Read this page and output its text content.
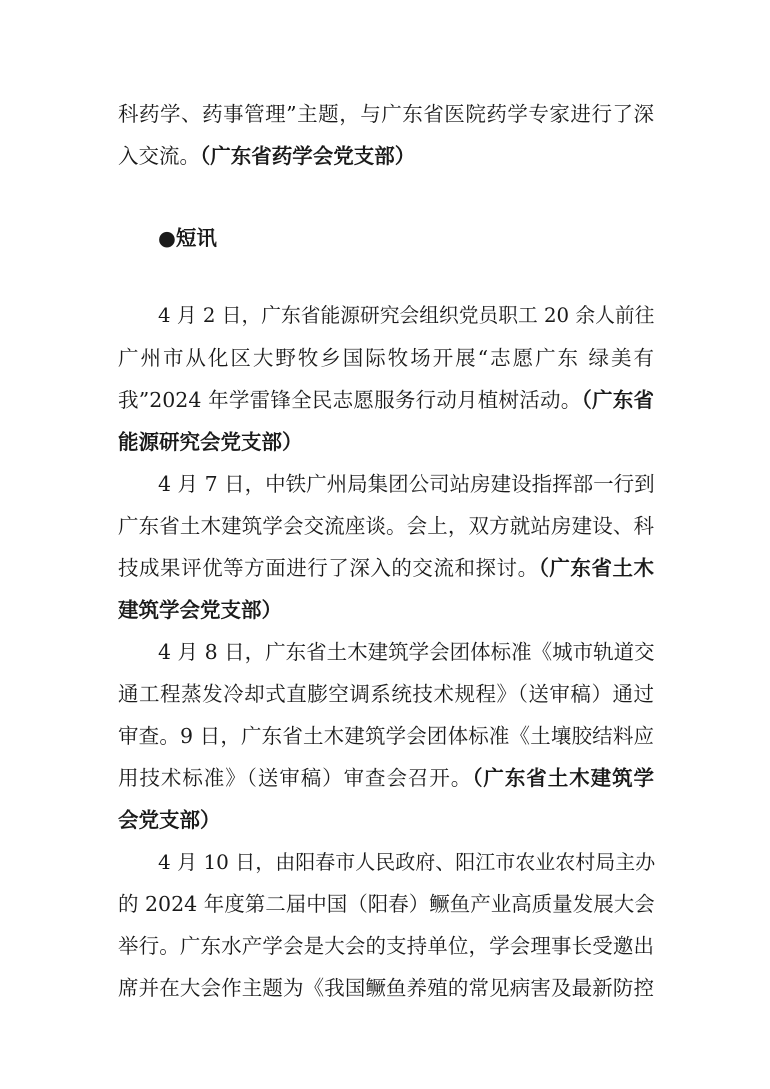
科药学、药事管理”主题，与广东省医院药学专家进行了深
入交流。（广东省药学会党支部）
●短讯
4 月 2 日，广东省能源研究会组织党员职工 20 余人前往
广州市从化区大野牧乡国际牧场开展“志愿广东 绿美有
我”2024 年学雷锋全民志愿服务行动月植树活动。（广东省
能源研究会党支部）
4 月 7 日，中铁广州局集团公司站房建设指挥部一行到
广东省土木建筑学会交流座谈。会上，双方就站房建设、科
技成果评优等方面进行了深入的交流和探讨。（广东省土木
建筑学会党支部）
4 月 8 日，广东省土木建筑学会团体标准《城市轨道交
通工程蒸发冷却式直膨空调系统技术规程》（送审稿）通过
审查。9 日，广东省土木建筑学会团体标准《土壤胶结料应
用技术标准》（送审稿）审查会召开。（广东省土木建筑学
会党支部）
4 月 10 日，由阳春市人民政府、阳江市农业农村局主办
的 2024 年度第二届中国（阳春）鳜鱼产业高质量发展大会
举行。广东水产学会是大会的支持单位，学会理事长受邀出
席并在大会作主题为《我国鳜鱼养殖的常见病害及最新防控
